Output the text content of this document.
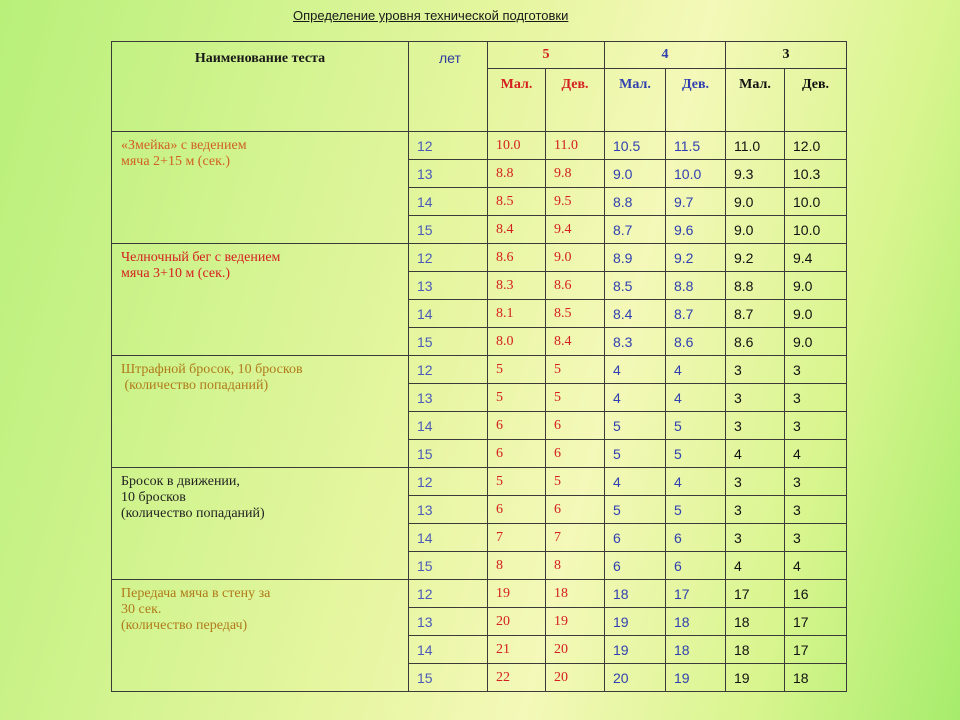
Определение уровня технической подготовки
Наименование теста	лет	5		4		3	
		Мал.	Дев.	Мал.	Дев.	Мал.	Дев.

«Змейка» с ведением
мяча 2+15 м (сек.)	12	10.0	11.0	10.5	11.5	11.0	12.0
	13	8.8	9.8	9.0	10.0	9.3	10.3
	14	8.5	9.5	8.8	9.7	9.0	10.0
	15	8.4	9.4	8.7	9.6	9.0	10.0

Челночный бег с ведением
мяча 3+10 м (сек.)	12	8.6	9.0	8.9	9.2	9.2	9.4
	13	8.3	8.6	8.5	8.8	8.8	9.0
	14	8.1	8.5	8.4	8.7	8.7	9.0
	15	8.0	8.4	8.3	8.6	8.6	9.0

Штрафной бросок, 10 бросков
(количество попаданий)	12	5	5	4	4	3	3
	13	5	5	4	4	3	3
	14	6	6	5	5	3	3
	15	6	6	5	5	4	4

Бросок в движении,
10 бросков
(количество попаданий)	12	5	5	4	4	3	3
	13	6	6	5	5	3	3
	14	7	7	6	6	3	3
	15	8	8	6	6	4	4

Передача мяча в стену за
30 сек.
(количество передач)	12	19	18	18	17	17	16
	13	20	19	19	18	18	17
	14	21	20	19	18	18	17
	15	22	20	20	19	19	18
